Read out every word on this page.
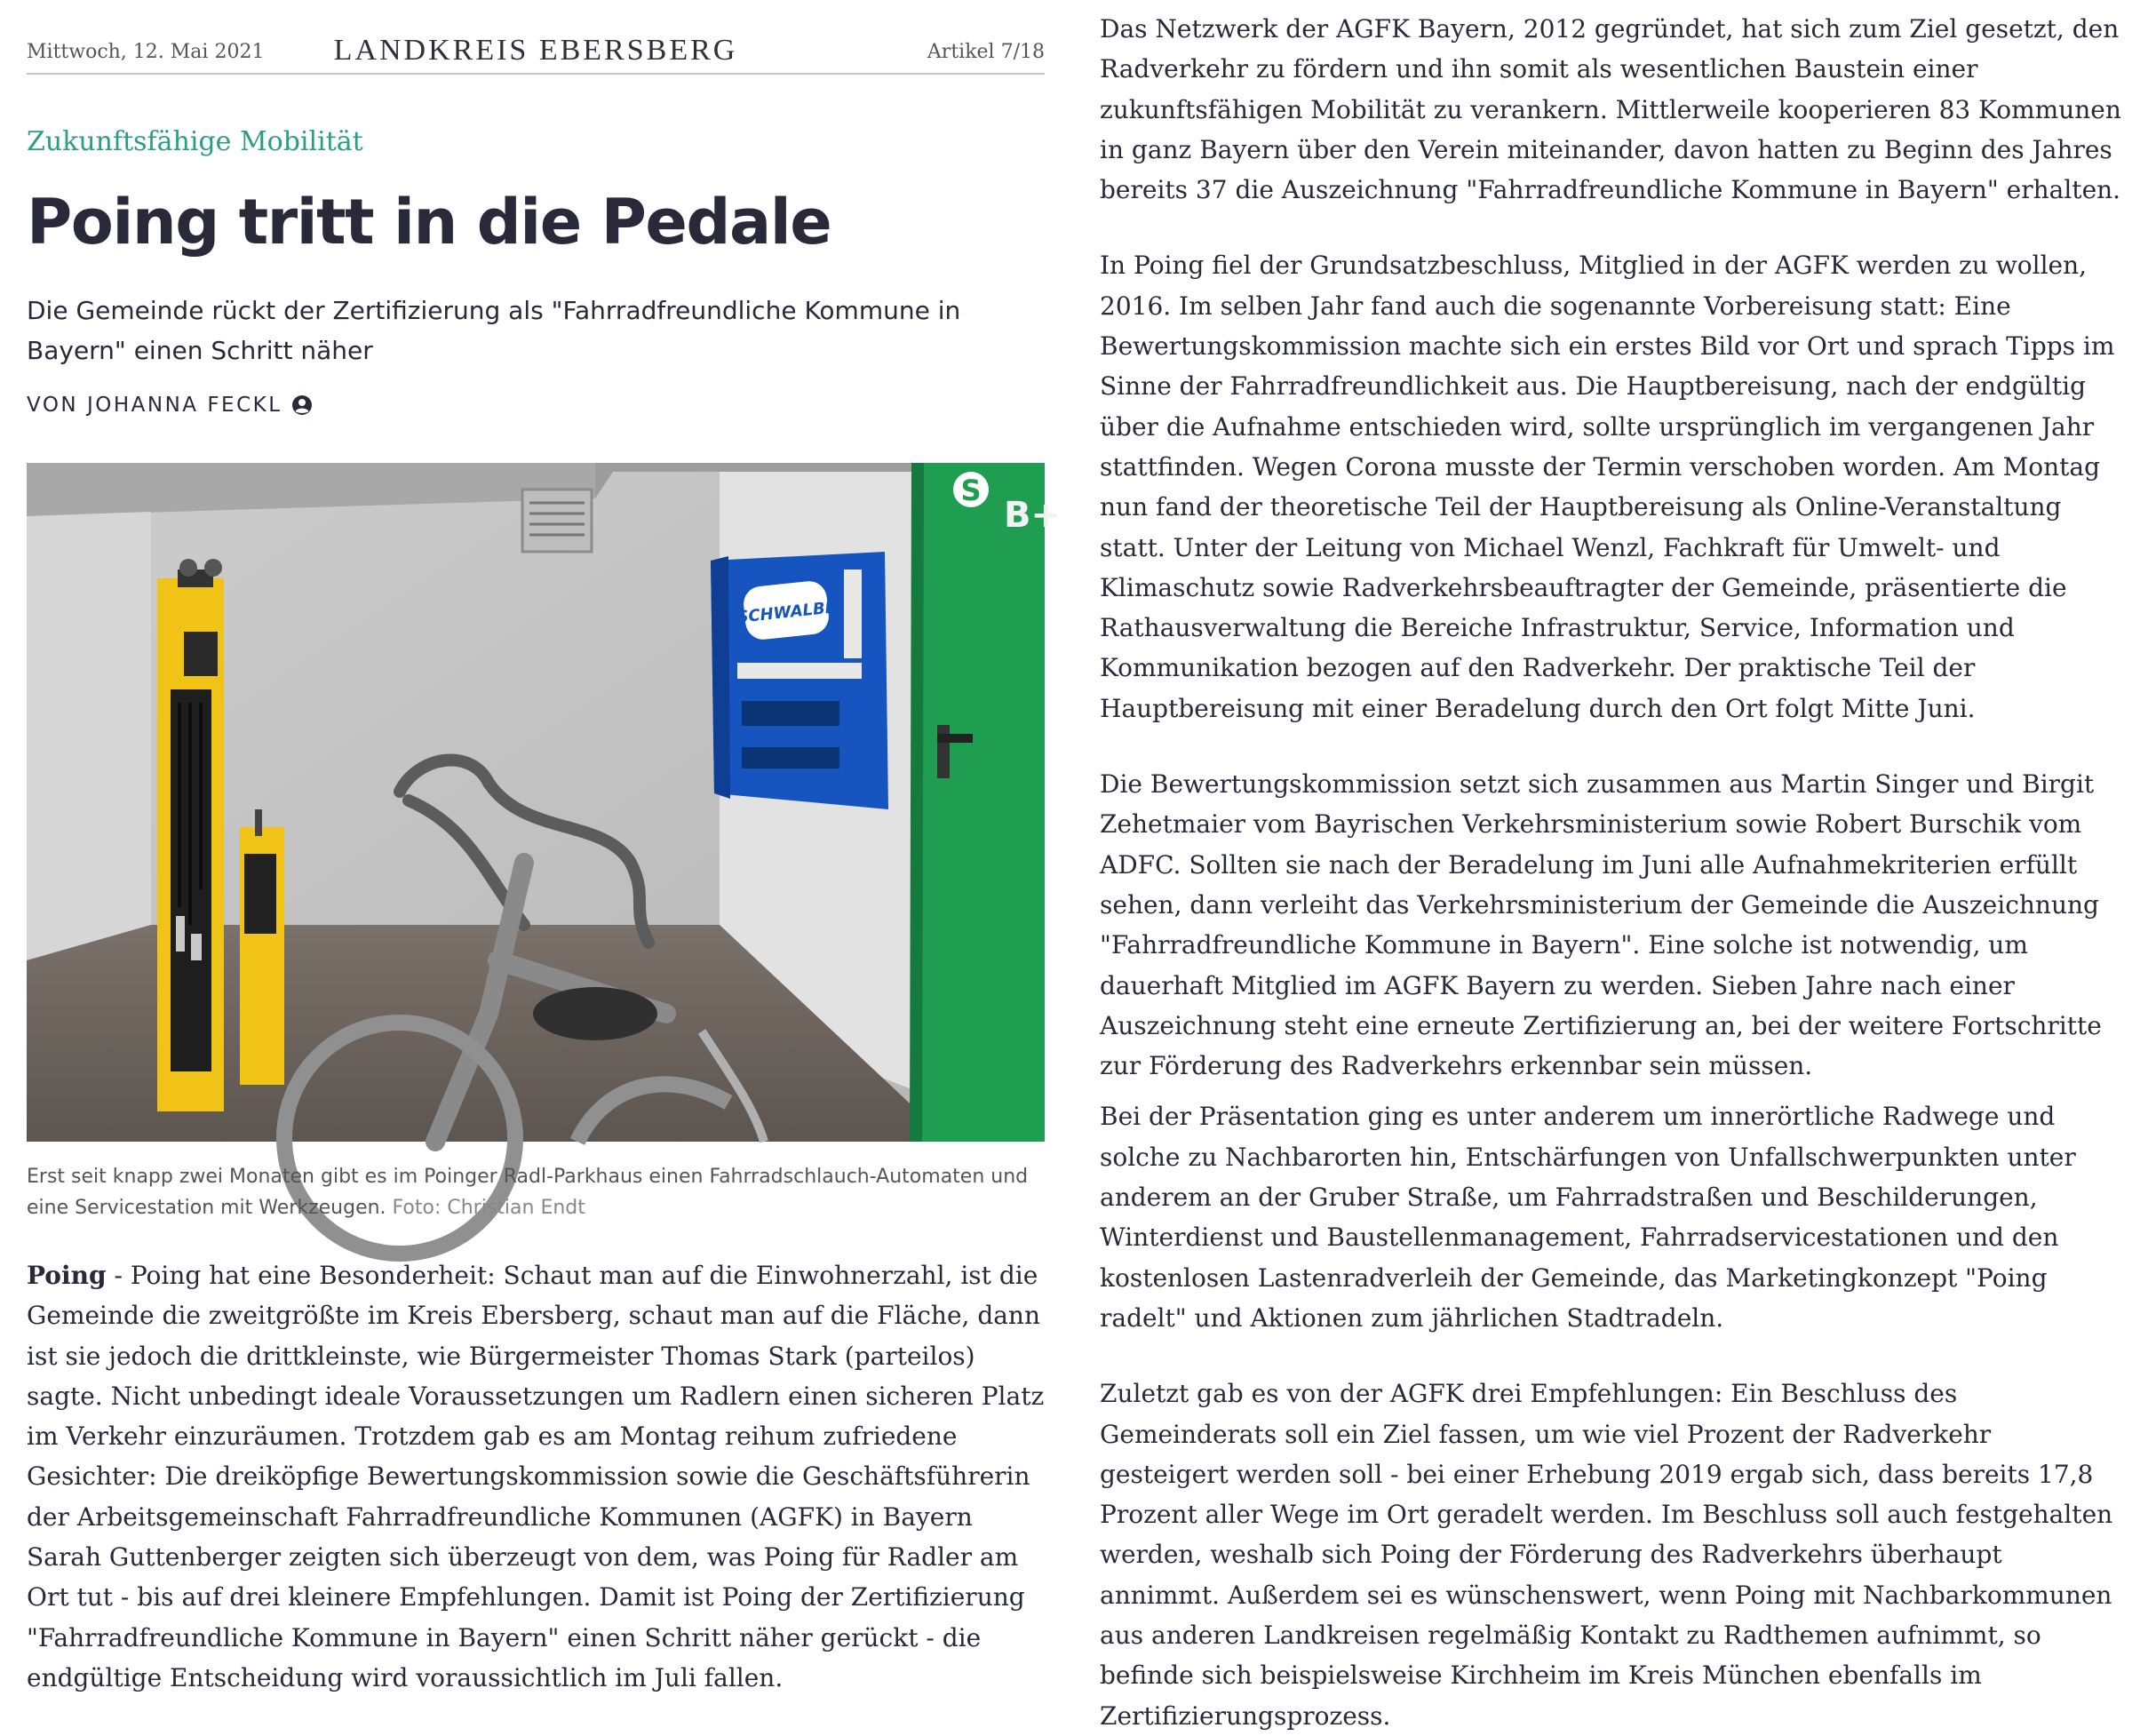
Mittwoch, 12. Mai 2021	LANDKREIS EBERSBERG	Artikel 7/18
Zukunftsfähige Mobilität
Poing tritt in die Pedale
Die Gemeinde rückt der Zertifizierung als "Fahrradfreundliche Kommune in Bayern" einen Schritt näher
VON JOHANNA FECKL
S
B+
SCHWALBE
Erst seit knapp zwei Monaten gibt es im Poinger Radl-Parkhaus einen Fahrradschlauch-Automaten und eine Servicestation mit Werkzeugen. Foto: Christian Endt

Poing - Poing hat eine Besonderheit: Schaut man auf die Einwohnerzahl, ist die Gemeinde die zweitgrößte im Kreis Ebersberg, schaut man auf die Fläche, dann ist sie jedoch die drittkleinste, wie Bürgermeister Thomas Stark (parteilos) sagte. Nicht unbedingt ideale Voraussetzungen um Radlern einen sicheren Platz im Verkehr einzuräumen. Trotzdem gab es am Montag reihum zufriedene Gesichter: Die dreiköpfige Bewertungskommission sowie die Geschäftsführerin der Arbeitsgemeinschaft Fahrradfreundliche Kommunen (AGFK) in Bayern Sarah Guttenberger zeigten sich überzeugt von dem, was Poing für Radler am Ort tut - bis auf drei kleinere Empfehlungen. Damit ist Poing der Zertifizierung "Fahrradfreundliche Kommune in Bayern" einen Schritt näher gerückt - die endgültige Entscheidung wird voraussichtlich im Juli fallen.

Das Netzwerk der AGFK Bayern, 2012 gegründet, hat sich zum Ziel gesetzt, den Radverkehr zu fördern und ihn somit als wesentlichen Baustein einer zukunftsfähigen Mobilität zu verankern. Mittlerweile kooperieren 83 Kommunen in ganz Bayern über den Verein miteinander, davon hatten zu Beginn des Jahres bereits 37 die Auszeichnung "Fahrradfreundliche Kommune in Bayern" erhalten.

In Poing fiel der Grundsatzbeschluss, Mitglied in der AGFK werden zu wollen, 2016. Im selben Jahr fand auch die sogenannte Vorbereisung statt: Eine Bewertungskommission machte sich ein erstes Bild vor Ort und sprach Tipps im Sinne der Fahrradfreundlichkeit aus. Die Hauptbereisung, nach der endgültig über die Aufnahme entschieden wird, sollte ursprünglich im vergangenen Jahr stattfinden. Wegen Corona musste der Termin verschoben worden. Am Montag nun fand der theoretische Teil der Hauptbereisung als Online-Veranstaltung statt. Unter der Leitung von Michael Wenzl, Fachkraft für Umwelt- und Klimaschutz sowie Radverkehrsbeauftragter der Gemeinde, präsentierte die Rathausverwaltung die Bereiche Infrastruktur, Service, Information und Kommunikation bezogen auf den Radverkehr. Der praktische Teil der Hauptbereisung mit einer Beradelung durch den Ort folgt Mitte Juni.

Die Bewertungskommission setzt sich zusammen aus Martin Singer und Birgit Zehetmaier vom Bayrischen Verkehrsministerium sowie Robert Burschik vom ADFC. Sollten sie nach der Beradelung im Juni alle Aufnahmekriterien erfüllt sehen, dann verleiht das Verkehrsministerium der Gemeinde die Auszeichnung "Fahrradfreundliche Kommune in Bayern". Eine solche ist notwendig, um dauerhaft Mitglied im AGFK Bayern zu werden. Sieben Jahre nach einer Auszeichnung steht eine erneute Zertifizierung an, bei der weitere Fortschritte zur Förderung des Radverkehrs erkennbar sein müssen.

Bei der Präsentation ging es unter anderem um innerörtliche Radwege und solche zu Nachbarorten hin, Entschärfungen von Unfallschwerpunkten unter anderem an der Gruber Straße, um Fahrradstraßen und Beschilderungen, Winterdienst und Baustellenmanagement, Fahrradservicestationen und den kostenlosen Lastenradverleih der Gemeinde, das Marketingkonzept "Poing radelt" und Aktionen zum jährlichen Stadtradeln.

Zuletzt gab es von der AGFK drei Empfehlungen: Ein Beschluss des Gemeinderats soll ein Ziel fassen, um wie viel Prozent der Radverkehr gesteigert werden soll - bei einer Erhebung 2019 ergab sich, dass bereits 17,8 Prozent aller Wege im Ort geradelt werden. Im Beschluss soll auch festgehalten werden, weshalb sich Poing der Förderung des Radverkehrs überhaupt annimmt. Außerdem sei es wünschenswert, wenn Poing mit Nachbarkommunen aus anderen Landkreisen regelmäßig Kontakt zu Radthemen aufnimmt, so befinde sich beispielsweise Kirchheim im Kreis München ebenfalls im Zertifizierungsprozess.
